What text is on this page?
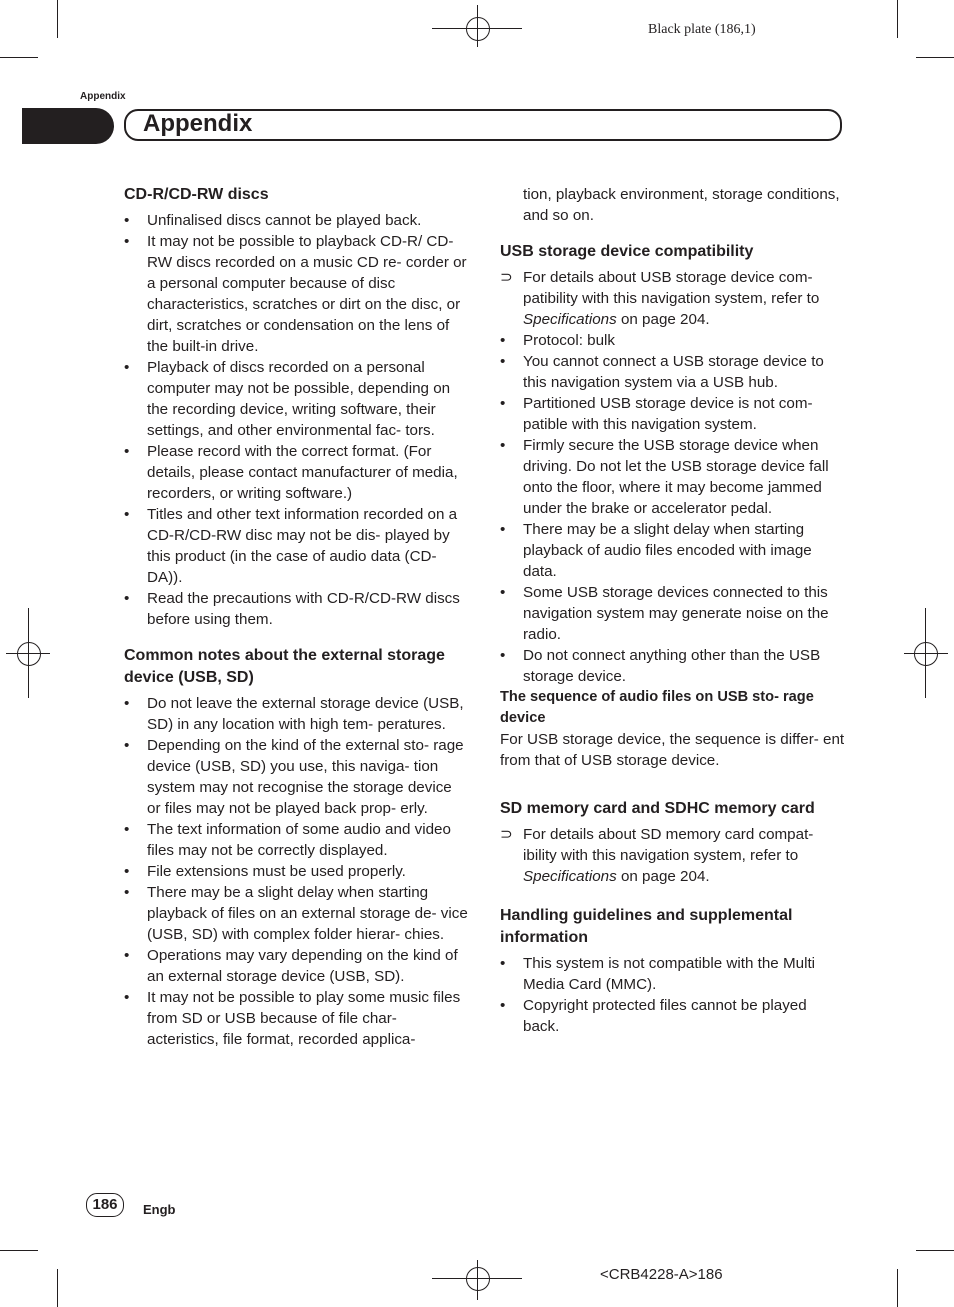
Black plate (186,1)
Appendix
Appendix
CD-R/CD-RW discs
•	Unfinalised discs cannot be played back.
•	It may not be possible to playback CD-R/ CD-RW discs recorded on a music CD re- corder or a personal computer because of disc characteristics, scratches or dirt on the disc, or dirt, scratches or condensation on the lens of the built-in drive.
•	Playback of discs recorded on a personal computer may not be possible, depending on the recording device, writing software, their settings, and other environmental fac- tors.
•	Please record with the correct format. (For details, please contact manufacturer of media, recorders, or writing software.)
•	Titles and other text information recorded on a CD-R/CD-RW disc may not be dis- played by this product (in the case of audio data (CD-DA)).
•	Read the precautions with CD-R/CD-RW discs before using them.
Common notes about the external storage device (USB, SD)
•	Do not leave the external storage device (USB, SD) in any location with high tem- peratures.
•	Depending on the kind of the external sto- rage device (USB, SD) you use, this naviga- tion system may not recognise the storage device or files may not be played back prop- erly.
•	The text information of some audio and video files may not be correctly displayed.
•	File extensions must be used properly.
•	There may be a slight delay when starting playback of files on an external storage de- vice (USB, SD) with complex folder hierar- chies.
•	Operations may vary depending on the kind of an external storage device (USB, SD).
•	It may not be possible to play some music files from SD or USB because of file char- acteristics, file format, recorded applica-

tion, playback environment, storage conditions, and so on.

USB storage device compatibility
⊃ For details about USB storage device com- patibility with this navigation system, refer to Specifications on page 204.
•	Protocol: bulk
•	You cannot connect a USB storage device to this navigation system via a USB hub.
•	Partitioned USB storage device is not com- patible with this navigation system.
•	Firmly secure the USB storage device when driving. Do not let the USB storage device fall onto the floor, where it may become jammed under the brake or accelerator pedal.
•	There may be a slight delay when starting playback of audio files encoded with image data.
•	Some USB storage devices connected to this navigation system may generate noise on the radio.
•	Do not connect anything other than the USB storage device.
The sequence of audio files on USB sto- rage device

For USB storage device, the sequence is differ- ent from that of USB storage device.

SD memory card and SDHC memory card
⊃ For details about SD memory card compat- ibility with this navigation system, refer to Specifications on page 204.
Handling guidelines and supplemental information
•	This system is not compatible with the Multi Media Card (MMC).
•	Copyright protected files cannot be played back.
186	Engb
<CRB4228-A>186
